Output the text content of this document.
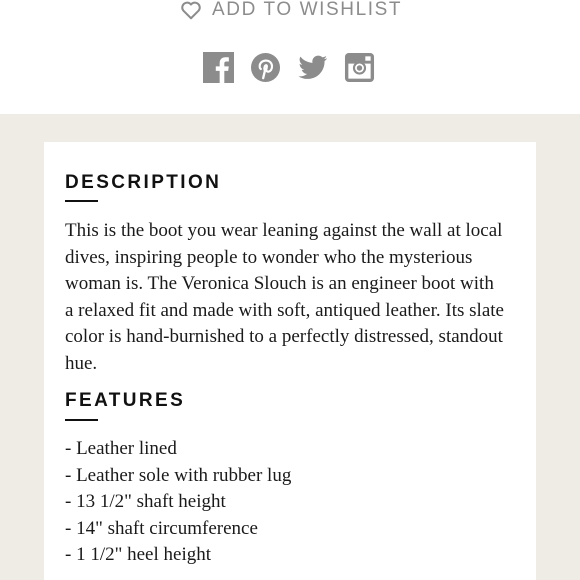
ADD TO WISHLIST
DESCRIPTION

This is the boot you wear leaning against the wall at local dives, inspiring people to wonder who the mysterious woman is. The Veronica Slouch is an engineer boot with a relaxed fit and made with soft, antiqued leather. Its slate color is hand-burnished to a perfectly distressed, standout hue.

FEATURES
- Leather lined
- Leather sole with rubber lug
- 13 1/2" shaft height
- 14" shaft circumference
- 1 1/2" heel height
